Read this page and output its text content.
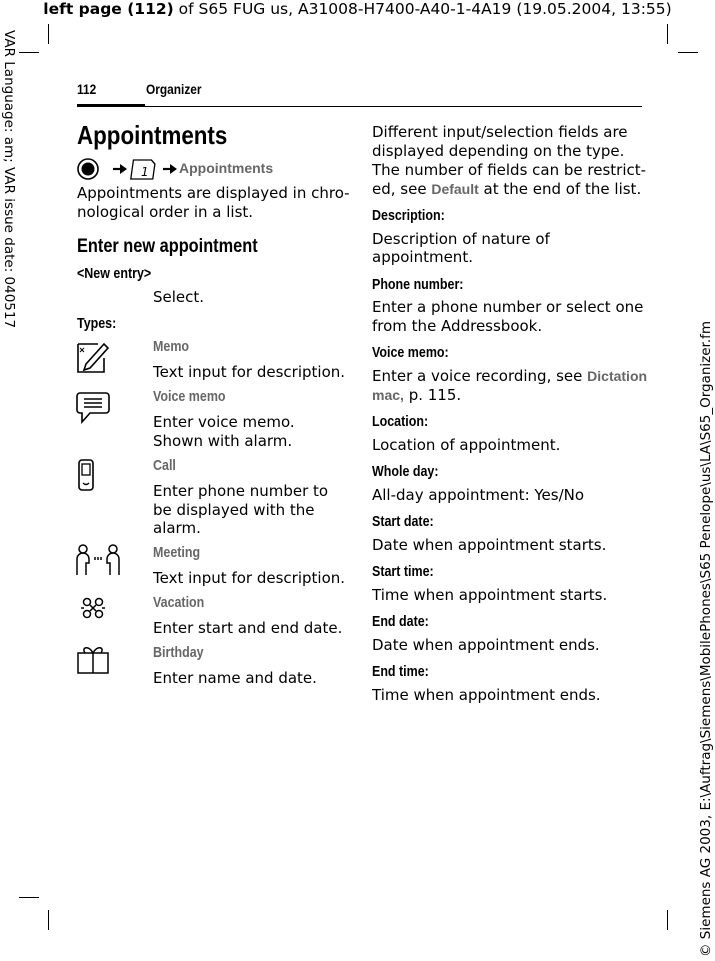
left page (112) of S65 FUG us, A31008-H7400-A40-1-4A19 (19.05.2004, 13:55)
VAR Language: am; VAR issue date: 040517
© Siemens AG 2003, E:\Auftrag\Siemens\MobilePhones\S65 Penelope\us\LA\S65_Organizer.fm
112	Organizer
Appointments
1 Appointments

Appointments are displayed in chro-

nological order in a list.

Enter new appointment
<New entry>

Select.

Types:
Memo

Text input for description.

Voice memo

Enter voice memo.

Shown with alarm.

Call

Enter phone number to

be displayed with the

alarm.

Meeting

Text input for description.

Vacation

Enter start and end date.

Birthday

Enter name and date.

Different input/selection fields are

displayed depending on the type.

The number of fields can be restrict-

ed, see Default at the end of the list.

Description:

Description of nature of

appointment.

Phone number:

Enter a phone number or select one

from the Addressbook.

Voice memo:

Enter a voice recording, see Dictation

mac, p. 115.

Location:

Location of appointment.

Whole day:

All-day appointment: Yes/No

Start date:

Date when appointment starts.

Start time:

Time when appointment starts.

End date:

Date when appointment ends.

End time:

Time when appointment ends.
